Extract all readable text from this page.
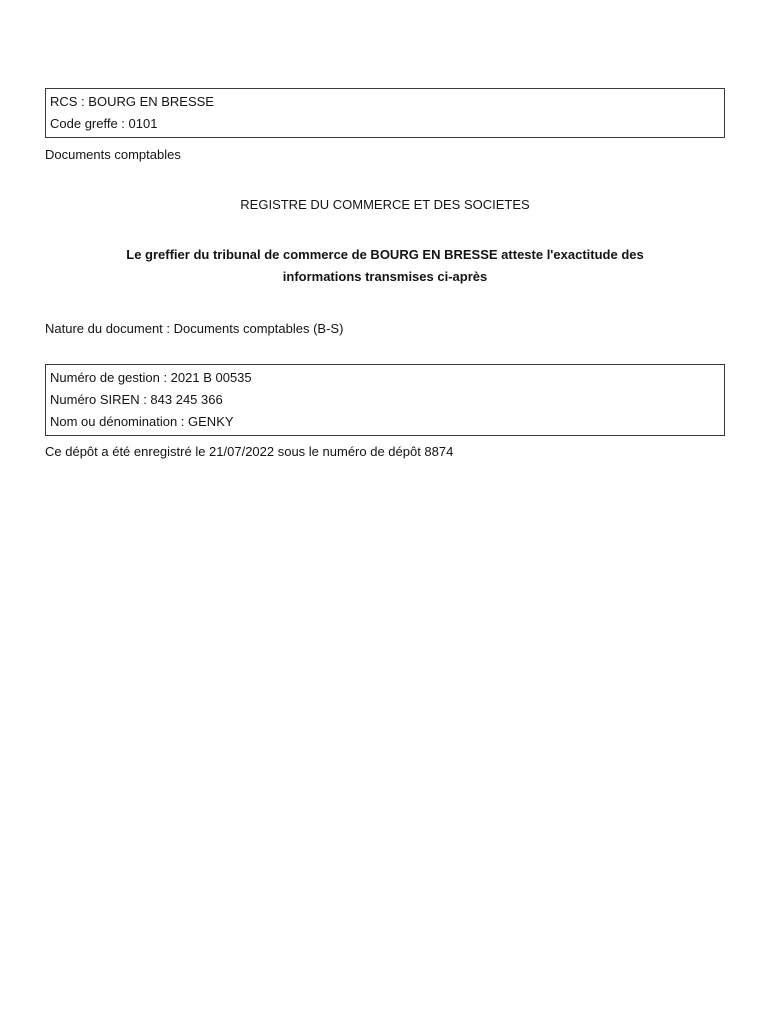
RCS : BOURG EN BRESSE
Code greffe : 0101
Documents comptables
REGISTRE DU COMMERCE ET DES SOCIETES
Le greffier du tribunal de commerce de BOURG EN BRESSE atteste l'exactitude des
informations transmises ci-après
Nature du document : Documents comptables (B-S)
Numéro de gestion : 2021 B 00535
Numéro SIREN : 843 245 366
Nom ou dénomination : GENKY
Ce dépôt a été enregistré le 21/07/2022 sous le numéro de dépôt 8874
